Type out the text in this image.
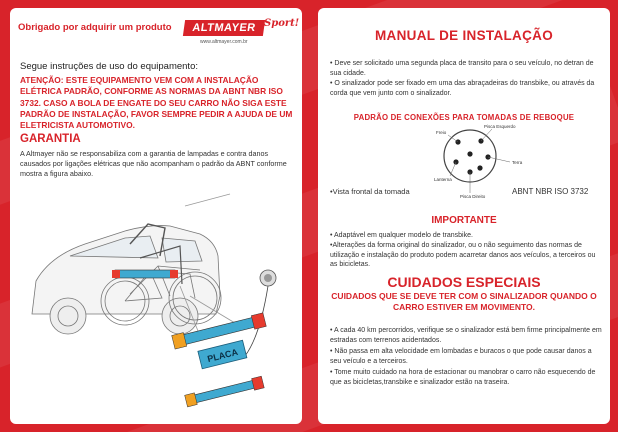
Obrigado por adquirir um produto	ALTMAYER Sport!
www.altmayer.com.br
Segue instruções de uso do equipamento:
ATENÇÃO: ESTE EQUIPAMENTO VEM COM A INSTALAÇÃO ELÉTRICA PADRÃO, CONFORME AS NORMAS DA ABNT NBR ISO 3732. CASO A BOLA DE ENGATE DO SEU CARRO NÃO SIGA ESTE PADRÃO DE INSTALAÇÃO, FAVOR SEMPRE PEDIR A AJUDA DE UM ELETRICISTA AUTOMOTIVO.
GARANTIA
A Altmayer não se responsabiliza com a garantia de lampadas e contra danos causados por ligações elétricas que não acompanham o padrão da ABNT conforme mostra a figura abaixo.
PLACA
MANUAL DE INSTALAÇÃO
• Deve ser solicitado uma segunda placa de transito para o seu veículo, no detran de sua cidade.
• O sinalizador pode ser fixado em uma das abraçadeiras do transbike, ou através da corda que vem junto com o sinalizador.
PADRÃO DE CONEXÕES PARA TOMADAS DE REBOQUE
Freio
Pisca Esquerdo
Terra
Lanterna
Pisca Direito
•Vista frontal da tomada	ABNT NBR ISO 3732
IMPORTANTE
• Adaptável em qualquer modelo de transbike.
•Alterações da forma original do sinalizador, ou o não seguimento das normas de utilização e instalação do produto podem acarretar danos aos veículos, a terceiros ou as bicicletas.
CUIDADOS ESPECIAIS
CUIDADOS QUE SE DEVE TER COM O SINALIZADOR QUANDO O CARRO ESTIVER EM MOVIMENTO.
• A cada 40 km percorridos, verifique se o sinalizador está bem firme principalmente em estradas com terrenos acidentados.
• Não passa em alta velocidade em lombadas e buracos o que pode causar danos a seu veículo e a terceiros.
• Tome muito cuidado na hora de estacionar ou manobrar o carro não esquecendo de que as bicicletas,transbike e sinalizador estão na traseira.
